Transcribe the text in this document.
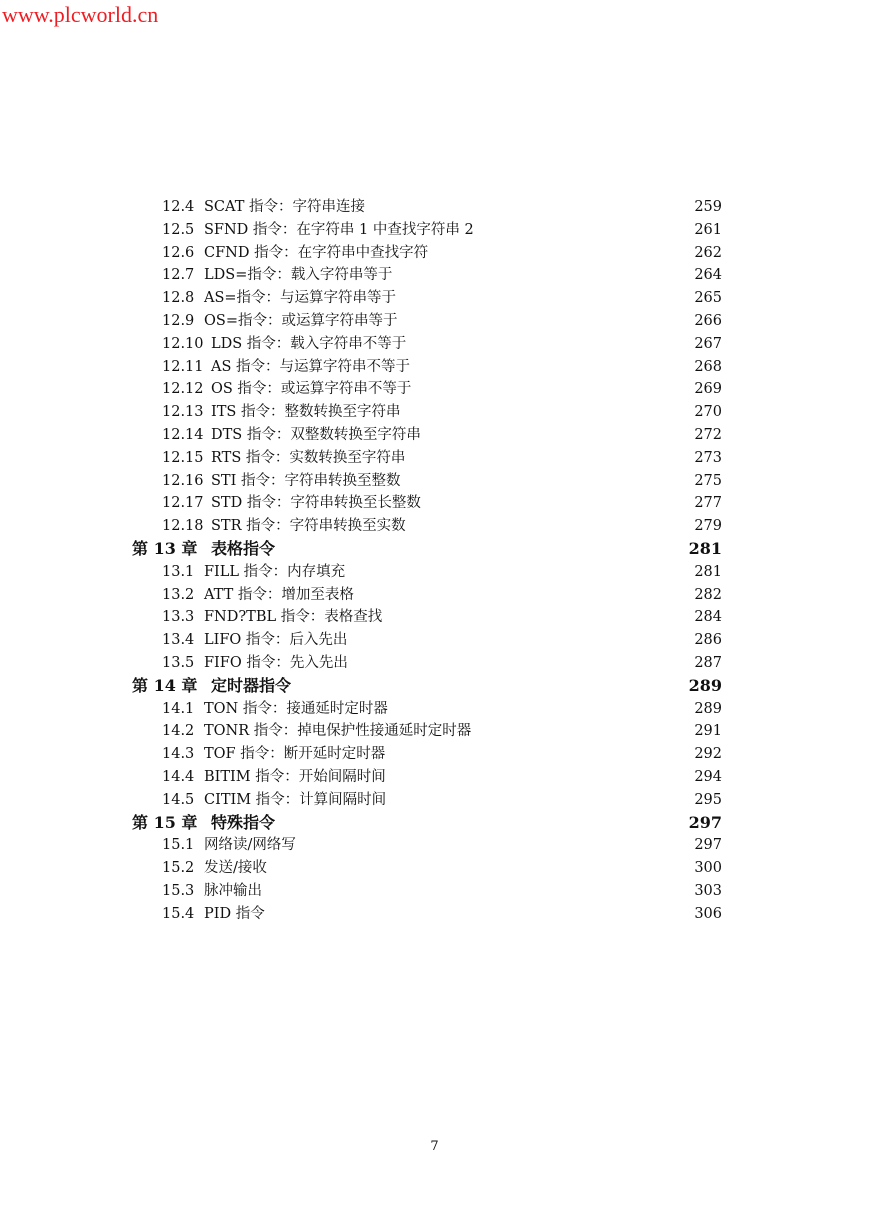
www.plcworld.cn
12.4 SCAT 指令：字符串连接	259
12.5 SFND 指令：在字符串 1 中查找字符串 2	261
12.6 CFND 指令：在字符串中查找字符	262
12.7 LDS=指令：载入字符串等于	264
12.8 AS=指令：与运算字符串等于	265
12.9 OS=指令：或运算字符串等于	266
12.10 LDS 指令：载入字符串不等于	267
12.11 AS 指令：与运算字符串不等于	268
12.12 OS 指令：或运算字符串不等于	269
12.13 ITS 指令：整数转换至字符串	270
12.14 DTS 指令：双整数转换至字符串	272
12.15 RTS 指令：实数转换至字符串	273
12.16 STI 指令：字符串转换至整数	275
12.17 STD 指令：字符串转换至长整数	277
12.18 STR 指令：字符串转换至实数	279
第 13 章 表格指令	281
13.1 FILL 指令：内存填充	281
13.2 ATT 指令：增加至表格	282
13.3 FND?TBL 指令：表格查找	284
13.4 LIFO 指令：后入先出	286
13.5 FIFO 指令：先入先出	287
第 14 章 定时器指令	289
14.1 TON 指令：接通延时定时器	289
14.2 TONR 指令：掉电保护性接通延时定时器	291
14.3 TOF 指令：断开延时定时器	292
14.4 BITIM 指令：开始间隔时间	294
14.5 CITIM 指令：计算间隔时间	295
第 15 章 特殊指令	297
15.1 网络读/网络写	297
15.2 发送/接收	300
15.3 脉冲输出	303
15.4 PID 指令	306
7
